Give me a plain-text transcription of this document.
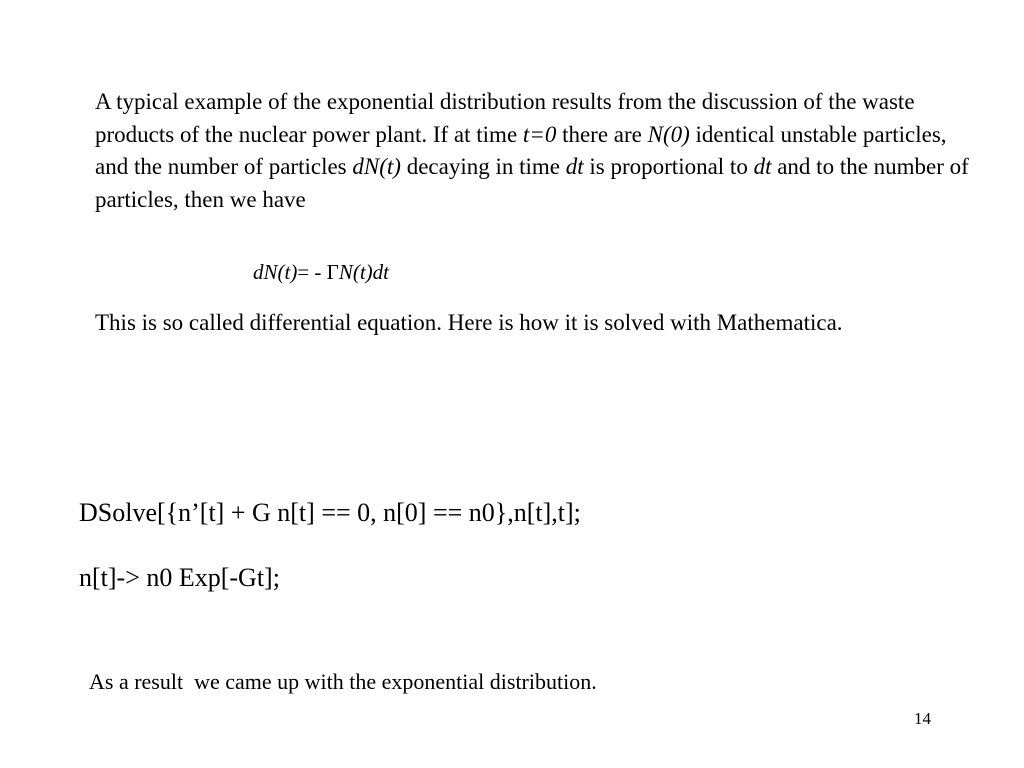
A typical example of the exponential distribution results from the discussion of the waste products of the nuclear power plant. If at time t=0 there are N(0) identical unstable particles, and the number of particles dN(t) decaying in time dt is proportional to dt and to the number of particles, then we have

dN(t)= - ΓN(t)dt

This is so called differential equation. Here is how it is solved with Mathematica.

DSolve[{n’[t] + G n[t] == 0, n[0] == n0},n[t],t];

n[t]-> n0 Exp[-Gt];

As a result  we came up with the exponential distribution.

14
